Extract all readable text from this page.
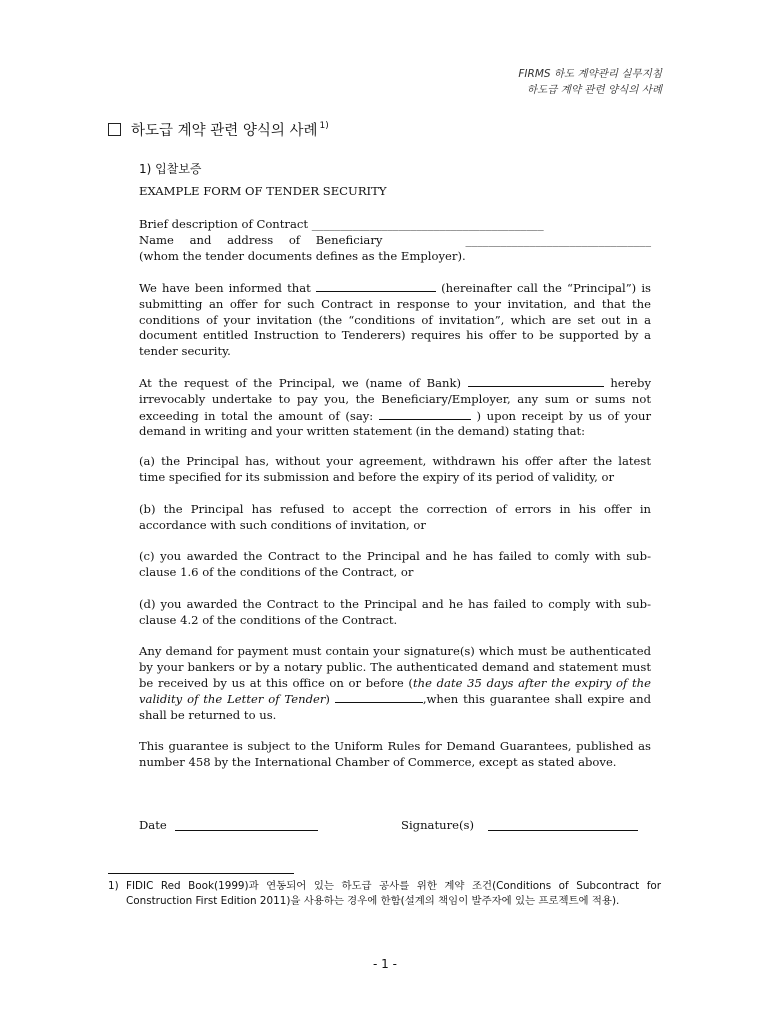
FIRMS 하도 계약관리 실무지침
하도급 계약 관련 양식의 사례
하도급 계약 관련 양식의 사례$^{1)}$
1) 입찰보증
EXAMPLE FORM OF TENDER SECURITY
Brief description of Contract ________________________________________
Name and address of Beneficiary	________________________________
(whom the tender documents defines as the Employer).
We have been informed that	(hereinafter call the “Principal”) is submitting an offer for such Contract in response to your invitation, and that the conditions of your invitation (the “conditions of invitation”, which are set out in a document entitled Instruction to Tenderers) requires his offer to be supported by a tender security.
At the request of the Principal, we (name of Bank)	hereby irrevocably undertake to pay you, the Beneficiary/Employer, any sum or sums not exceeding in total the amount of (say:	) upon receipt by us of your demand in writing and your written statement (in the demand) stating that:
(a) the Principal has, without your agreement, withdrawn his offer after the latest time specified for its submission and before the expiry of its period of validity, or
(b) the Principal has refused to accept the correction of errors in his offer in accordance with such conditions of invitation, or
(c) you awarded the Contract to the Principal and he has failed to comly with sub-clause 1.6 of the conditions of the Contract, or
(d) you awarded the Contract to the Principal and he has failed to comply with sub-clause 4.2 of the conditions of the Contract.
Any demand for payment must contain your signature(s) which must be authenticated by your bankers or by a notary public. The authenticated demand and statement must be received by us at this office on or before (the date 35 days after the expiry of the validity of the Letter of Tender)	,when this guarantee shall expire and shall be returned to us.
This guarantee is subject to the Uniform Rules for Demand Guarantees, published as number 458 by the International Chamber of Commerce, except as stated above.
Date	Signature(s)
1) FIDIC Red Book(1999)과 연동되어 있는 하도급 공사를 위한 계약 조건(Conditions of Subcontract for Construction First Edition 2011)을 사용하는 경우에 한함(설계의 책임이 발주자에 있는 프로젝트에 적용).
- 1 -
